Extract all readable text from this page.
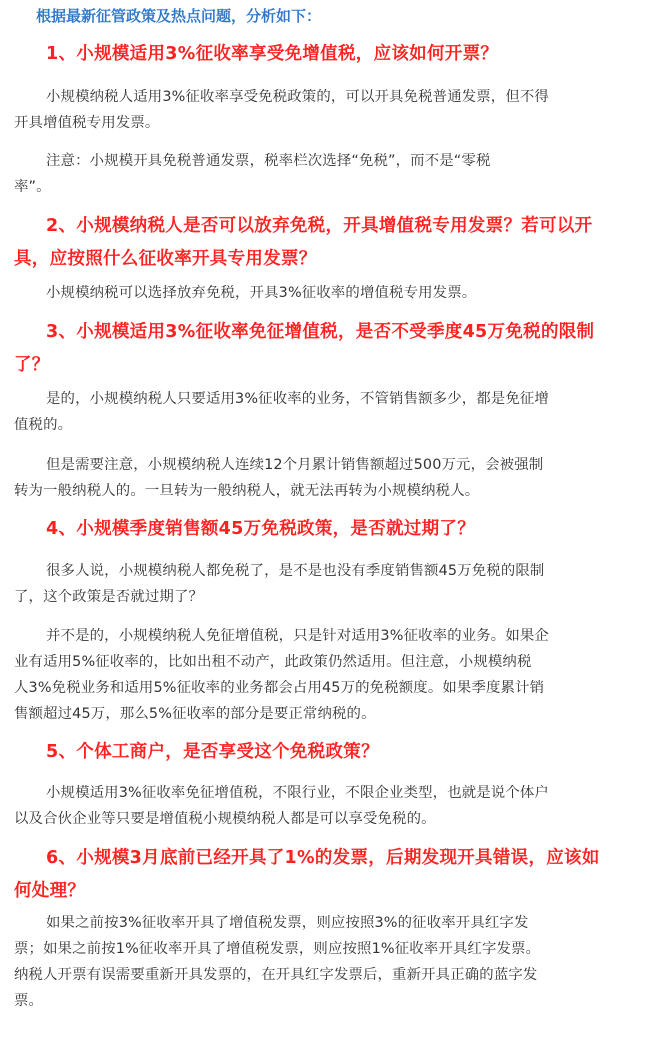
根据最新征管政策及热点问题，分析如下：
1、小规模适用3%征收率享受免增值税，应该如何开票？
小规模纳税人适用3%征收率享受免税政策的，可以开具免税普通发票，但不得
开具增值税专用发票。
注意：小规模开具免税普通发票，税率栏次选择“免税”，而不是“零税
率”。
2、小规模纳税人是否可以放弃免税，开具增值税专用发票？若可以开
具，应按照什么征收率开具专用发票？
小规模纳税可以选择放弃免税，开具3%征收率的增值税专用发票。
3、小规模适用3%征收率免征增值税，是否不受季度45万免税的限制
了？
是的，小规模纳税人只要适用3%征收率的业务，不管销售额多少，都是免征增
值税的。
但是需要注意，小规模纳税人连续12个月累计销售额超过500万元，会被强制
转为一般纳税人的。一旦转为一般纳税人，就无法再转为小规模纳税人。
4、小规模季度销售额45万免税政策，是否就过期了？
很多人说，小规模纳税人都免税了，是不是也没有季度销售额45万免税的限制
了，这个政策是否就过期了？
并不是的，小规模纳税人免征增值税，只是针对适用3%征收率的业务。如果企
业有适用5%征收率的，比如出租不动产，此政策仍然适用。但注意，小规模纳税
人3%免税业务和适用5%征收率的业务都会占用45万的免税额度。如果季度累计销
售额超过45万，那么5%征收率的部分是要正常纳税的。
5、个体工商户，是否享受这个免税政策？
小规模适用3%征收率免征增值税，不限行业，不限企业类型，也就是说个体户
以及合伙企业等只要是增值税小规模纳税人都是可以享受免税的。
6、小规模3月底前已经开具了1%的发票，后期发现开具错误，应该如
何处理？
如果之前按3%征收率开具了增值税发票，则应按照3%的征收率开具红字发
票；如果之前按1%征收率开具了增值税发票，则应按照1%征收率开具红字发票。
纳税人开票有误需要重新开具发票的，在开具红字发票后，重新开具正确的蓝字发
票。
